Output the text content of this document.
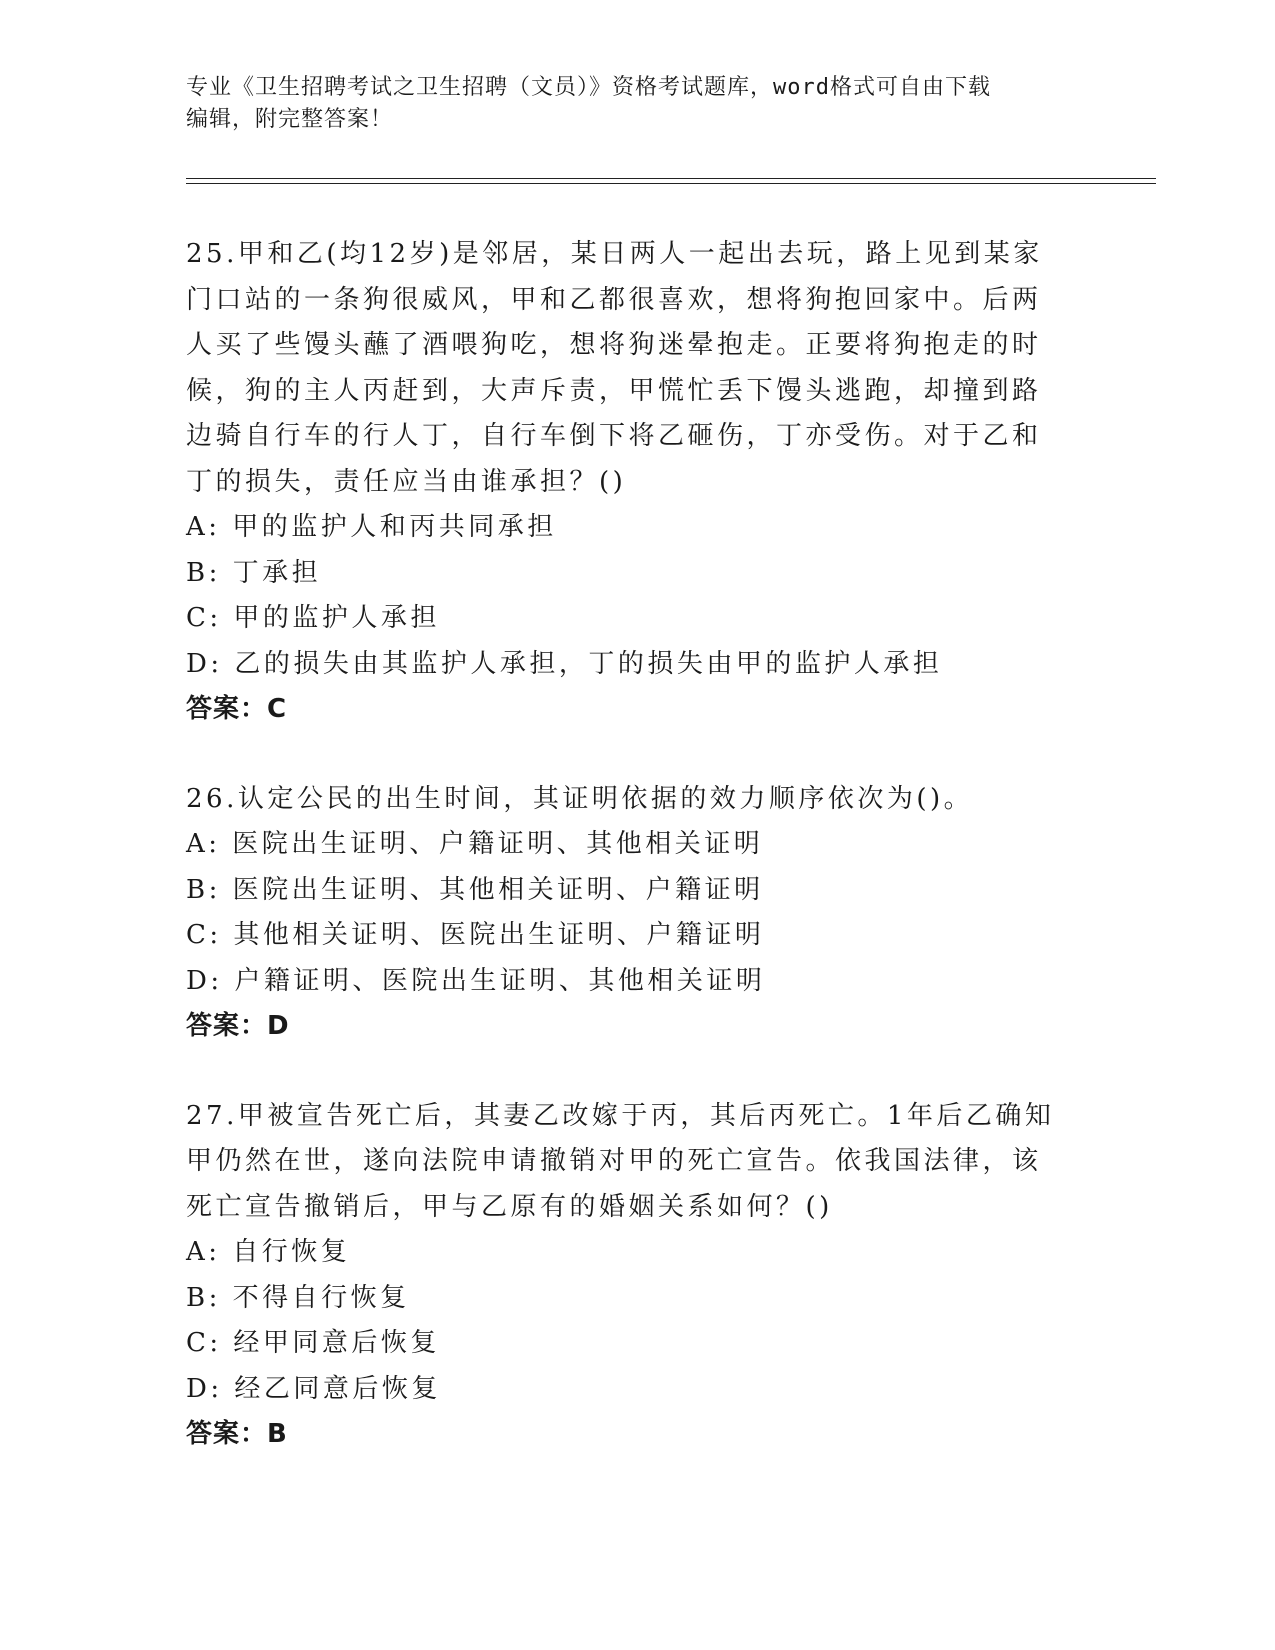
专业《卫生招聘考试之卫生招聘（文员）》资格考试题库，word格式可自由下载
编辑，附完整答案！
25.甲和乙(均12岁)是邻居，某日两人一起出去玩，路上见到某家门口站的一条狗很威风，甲和乙都很喜欢，想将狗抱回家中。后两人买了些馒头蘸了酒喂狗吃，想将狗迷晕抱走。正要将狗抱走的时候，狗的主人丙赶到，大声斥责，甲慌忙丢下馒头逃跑，却撞到路边骑自行车的行人丁，自行车倒下将乙砸伤，丁亦受伤。对于乙和丁的损失，责任应当由谁承担？()
A: 甲的监护人和丙共同承担
B: 丁承担
C: 甲的监护人承担
D: 乙的损失由其监护人承担，丁的损失由甲的监护人承担
答案：C
26.认定公民的出生时间，其证明依据的效力顺序依次为()。
A: 医院出生证明、户籍证明、其他相关证明
B: 医院出生证明、其他相关证明、户籍证明
C: 其他相关证明、医院出生证明、户籍证明
D: 户籍证明、医院出生证明、其他相关证明
答案：D
27.甲被宣告死亡后，其妻乙改嫁于丙，其后丙死亡。1年后乙确知甲仍然在世，遂向法院申请撤销对甲的死亡宣告。依我国法律，该死亡宣告撤销后，甲与乙原有的婚姻关系如何？()
A: 自行恢复
B: 不得自行恢复
C: 经甲同意后恢复
D: 经乙同意后恢复
答案：B
